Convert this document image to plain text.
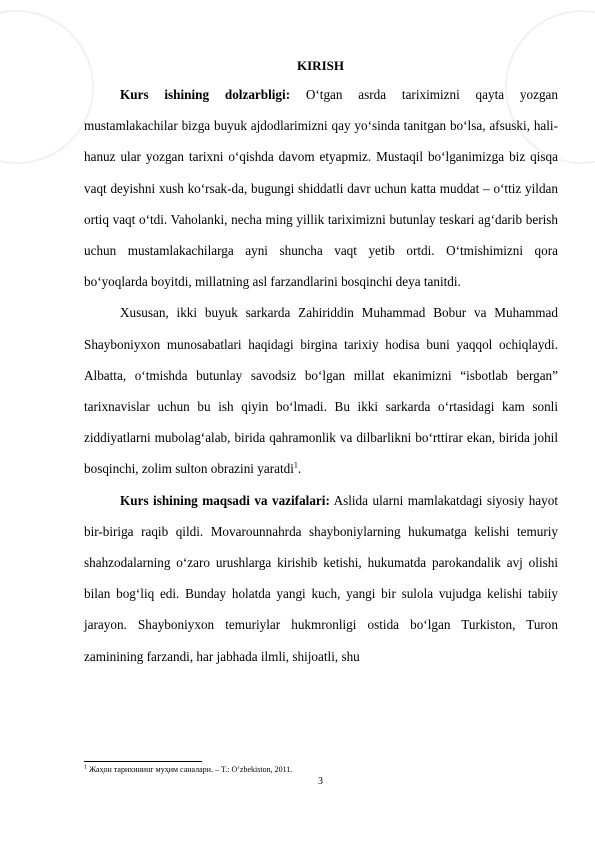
KIRISH

Kurs ishining dolzarbligi: O‘tgan asrda tariximizni qayta yozgan mustamlakachilar bizga buyuk ajdodlarimizni qay yo‘sinda tanitgan bo‘lsa, afsuski, hali-hanuz ular yozgan tarixni o‘qishda davom etyapmiz. Mustaqil bo‘lganimizga biz qisqa vaqt deyishni xush ko‘rsak-da, bugungi shiddatli davr uchun katta muddat – o‘ttiz yildan ortiq vaqt o‘tdi. Vaholanki, necha ming yillik tariximizni butunlay teskari ag‘darib berish uchun mustamlakachilarga ayni shuncha vaqt yetib ortdi. O‘tmishimizni qora bo‘yoqlarda boyitdi, millatning asl farzandlarini bosqinchi deya tanitdi.

Xususan, ikki buyuk sarkarda Zahiriddin Muhammad Bobur va Muhammad Shayboniyxon munosabatlari haqidagi birgina tarixiy hodisa buni yaqqol ochiqlaydi. Albatta, o‘tmishda butunlay savodsiz bo‘lgan millat ekanimizni “isbotlab bergan” tarixnavislar uchun bu ish qiyin bo‘lmadi. Bu ikki sarkarda o‘rtasidagi kam sonli ziddiyatlarni mubolag‘alab, birida qahramonlik va dilbarlikni bo‘rttirar ekan, birida johil bosqinchi, zolim sulton obrazini yaratdi$^1$.

Kurs ishining maqsadi va vazifalari: Aslida ularni mamlakatdagi siyosiy hayot bir-biriga raqib qildi. Movarounnahrda shayboniylarning hukumatga kelishi temuriy shahzodalarning o‘zaro urushlarga kirishib ketishi, hukumatda parokandalik avj olishi bilan bog‘liq edi. Bunday holatda yangi kuch, yangi bir sulola vujudga kelishi tabiiy jarayon. Shayboniyxon temuriylar hukmronligi ostida bo‘lgan Turkiston, Turon zaminining farzandi, har jabhada ilmli, shijoatli, shu

$^1$ Жаҳон тарихининг муҳим саналари. – T.: O‘zbekiston, 2011.
3
